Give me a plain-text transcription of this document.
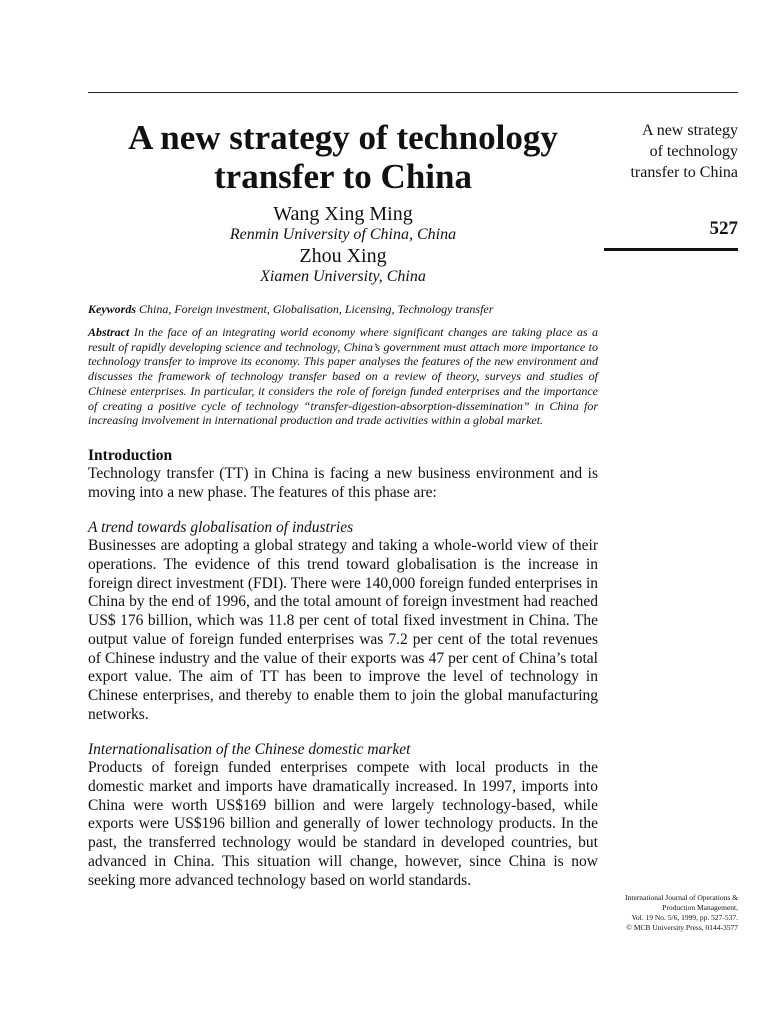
A new strategy of technology
transfer to China
Wang Xing Ming
Renmin University of China, China
Zhou Xing
Xiamen University, China
Keywords China, Foreign investment, Globalisation, Licensing, Technology transfer
Abstract In the face of an integrating world economy where significant changes are taking place as a result of rapidly developing science and technology, China’s government must attach more importance to technology transfer to improve its economy. This paper analyses the features of the new environment and discusses the framework of technology transfer based on a review of theory, surveys and studies of Chinese enterprises. In particular, it considers the role of foreign funded enterprises and the importance of creating a positive cycle of technology “transfer-digestion-absorption-dissemination” in China for increasing involvement in international production and trade activities within a global market.
Introduction

Technology transfer (TT) in China is facing a new business environment and is moving into a new phase. The features of this phase are:

A trend towards globalisation of industries

Businesses are adopting a global strategy and taking a whole-world view of their operations. The evidence of this trend toward globalisation is the increase in foreign direct investment (FDI). There were 140,000 foreign funded enterprises in China by the end of 1996, and the total amount of foreign investment had reached US$ 176 billion, which was 11.8 per cent of total fixed investment in China. The output value of foreign funded enterprises was 7.2 per cent of the total revenues of Chinese industry and the value of their exports was 47 per cent of China’s total export value. The aim of TT has been to improve the level of technology in Chinese enterprises, and thereby to enable them to join the global manufacturing networks.

Internationalisation of the Chinese domestic market

Products of foreign funded enterprises compete with local products in the domestic market and imports have dramatically increased. In 1997, imports into China were worth US$169 billion and were largely technology-based, while exports were US$196 billion and generally of lower technology products. In the past, the transferred technology would be standard in developed countries, but advanced in China. This situation will change, however, since China is now seeking more advanced technology based on world standards.

A new strategy
of technology
transfer to China
527
International Journal of Operations &
Production Management,
Vol. 19 No. 5/6, 1999, pp. 527-537.
© MCB University Press, 0144-3577
